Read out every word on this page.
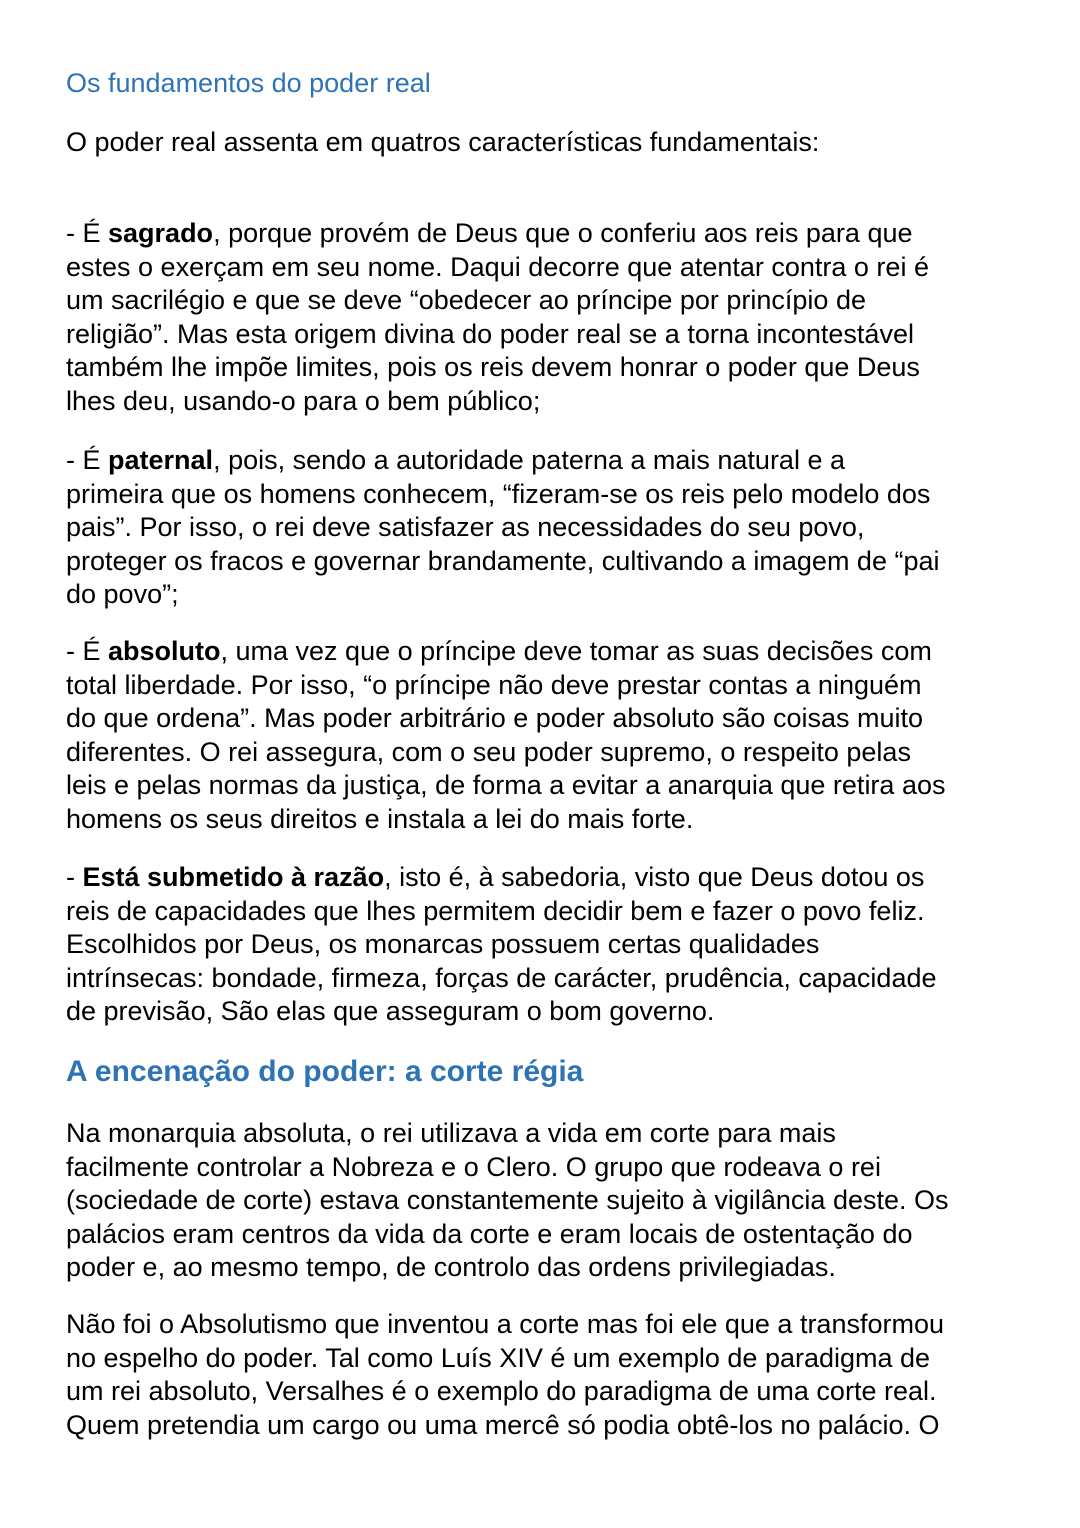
Os fundamentos do poder real

O poder real assenta em quatros características fundamentais:

- É sagrado, porque provém de Deus que o conferiu aos reis para que
estes o exerçam em seu nome. Daqui decorre que atentar contra o rei é
um sacrilégio e que se deve “obedecer ao príncipe por princípio de
religião”. Mas esta origem divina do poder real se a torna incontestável
também lhe impõe limites, pois os reis devem honrar o poder que Deus
lhes deu, usando-o para o bem público;

- É paternal, pois, sendo a autoridade paterna a mais natural e a
primeira que os homens conhecem, “fizeram-se os reis pelo modelo dos
pais”. Por isso, o rei deve satisfazer as necessidades do seu povo,
proteger os fracos e governar brandamente, cultivando a imagem de “pai
do povo”;

- É absoluto, uma vez que o príncipe deve tomar as suas decisões com
total liberdade. Por isso, “o príncipe não deve prestar contas a ninguém
do que ordena”. Mas poder arbitrário e poder absoluto são coisas muito
diferentes. O rei assegura, com o seu poder supremo, o respeito pelas
leis e pelas normas da justiça, de forma a evitar a anarquia que retira aos
homens os seus direitos e instala a lei do mais forte.

- Está submetido à razão, isto é, à sabedoria, visto que Deus dotou os
reis de capacidades que lhes permitem decidir bem e fazer o povo feliz.
Escolhidos por Deus, os monarcas possuem certas qualidades
intrínsecas: bondade, firmeza, forças de carácter, prudência, capacidade
de previsão, São elas que asseguram o bom governo.

A encenação do poder: a corte régia

Na monarquia absoluta, o rei utilizava a vida em corte para mais
facilmente controlar a Nobreza e o Clero. O grupo que rodeava o rei
(sociedade de corte) estava constantemente sujeito à vigilância deste. Os
palácios eram centros da vida da corte e eram locais de ostentação do
poder e, ao mesmo tempo, de controlo das ordens privilegiadas.

Não foi o Absolutismo que inventou a corte mas foi ele que a transformou
no espelho do poder. Tal como Luís XIV é um exemplo de paradigma de
um rei absoluto, Versalhes é o exemplo do paradigma de uma corte real.
Quem pretendia um cargo ou uma mercê só podia obtê-los no palácio. O
